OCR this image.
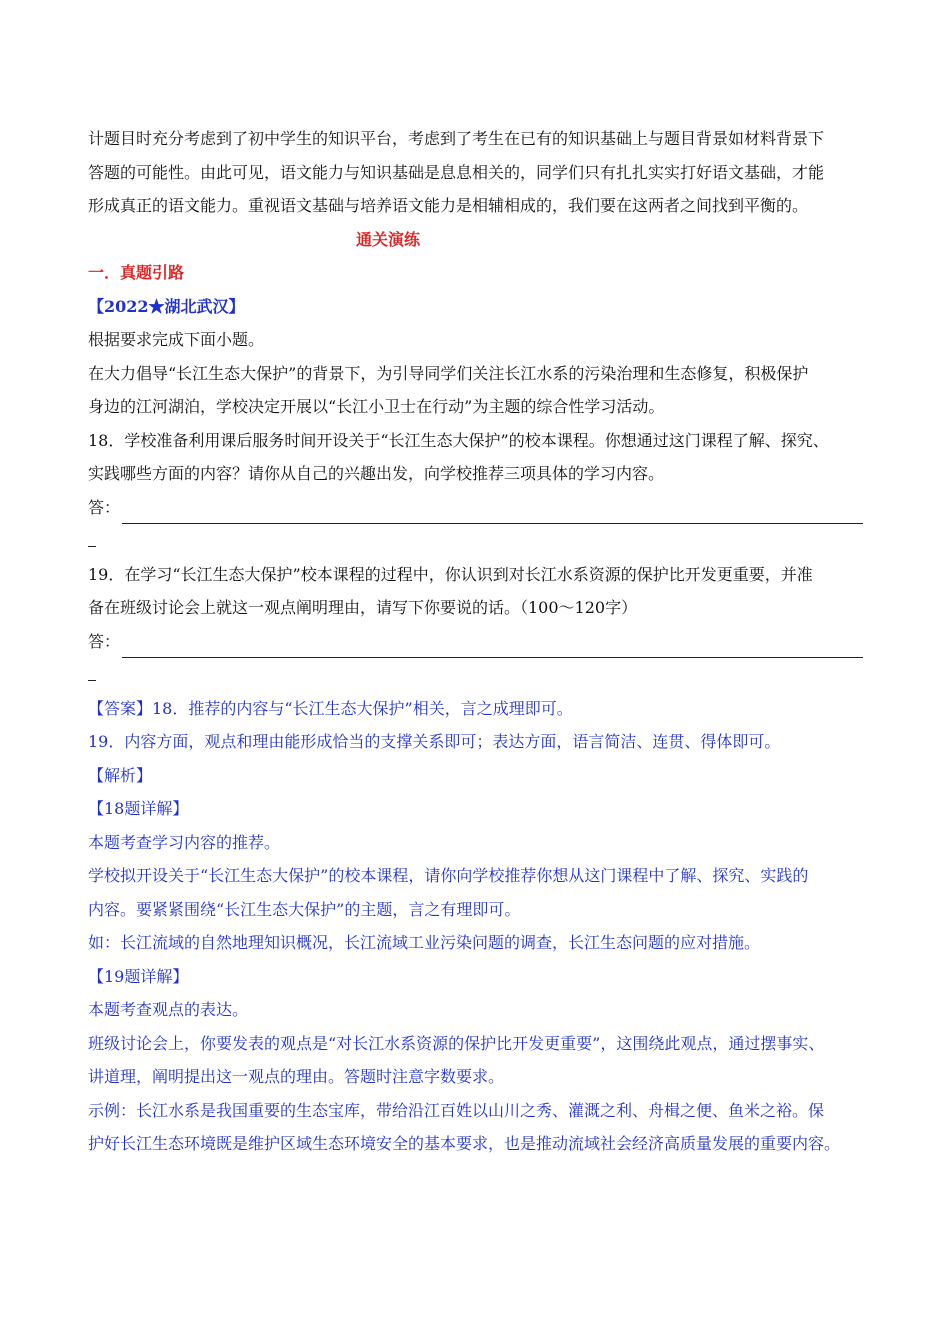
计题目时充分考虑到了初中学生的知识平台，考虑到了考生在已有的知识基础上与题目背景如材料背景下

答题的可能性。由此可见，语文能力与知识基础是息息相关的，同学们只有扎扎实实打好语文基础，才能

形成真正的语文能力。重视语文基础与培养语文能力是相辅相成的，我们要在这两者之间找到平衡的。

通关演练

一．真题引路

【2022★湖北武汉】

根据要求完成下面小题。

在大力倡导“长江生态大保护”的背景下，为引导同学们关注长江水系的污染治理和生态修复，积极保护

身边的江河湖泊，学校决定开展以“长江小卫士在行动”为主题的综合性学习活动。

18．学校准备利用课后服务时间开设关于“长江生态大保护”的校本课程。你想通过这门课程了解、探究、

实践哪些方面的内容？请你从自己的兴趣出发，向学校推荐三项具体的学习内容。

答：

19．在学习“长江生态大保护”校本课程的过程中，你认识到对长江水系资源的保护比开发更重要，并准

备在班级讨论会上就这一观点阐明理由，请写下你要说的话。（100～120字）

答：

【答案】18．推荐的内容与“长江生态大保护”相关，言之成理即可。

19．内容方面，观点和理由能形成恰当的支撑关系即可；表达方面，语言简洁、连贯、得体即可。

【解析】

【18题详解】

本题考查学习内容的推荐。

学校拟开设关于“长江生态大保护”的校本课程，请你向学校推荐你想从这门课程中了解、探究、实践的

内容。要紧紧围绕“长江生态大保护”的主题，言之有理即可。

如：长江流域的自然地理知识概况，长江流域工业污染问题的调查，长江生态问题的应对措施。

【19题详解】

本题考查观点的表达。

班级讨论会上，你要发表的观点是“对长江水系资源的保护比开发更重要”，这围绕此观点，通过摆事实、

讲道理，阐明提出这一观点的理由。答题时注意字数要求。

示例：长江水系是我国重要的生态宝库，带给沿江百姓以山川之秀、灌溉之利、舟楫之便、鱼米之裕。保

护好长江生态环境既是维护区域生态环境安全的基本要求，也是推动流域社会经济高质量发展的重要内容。
